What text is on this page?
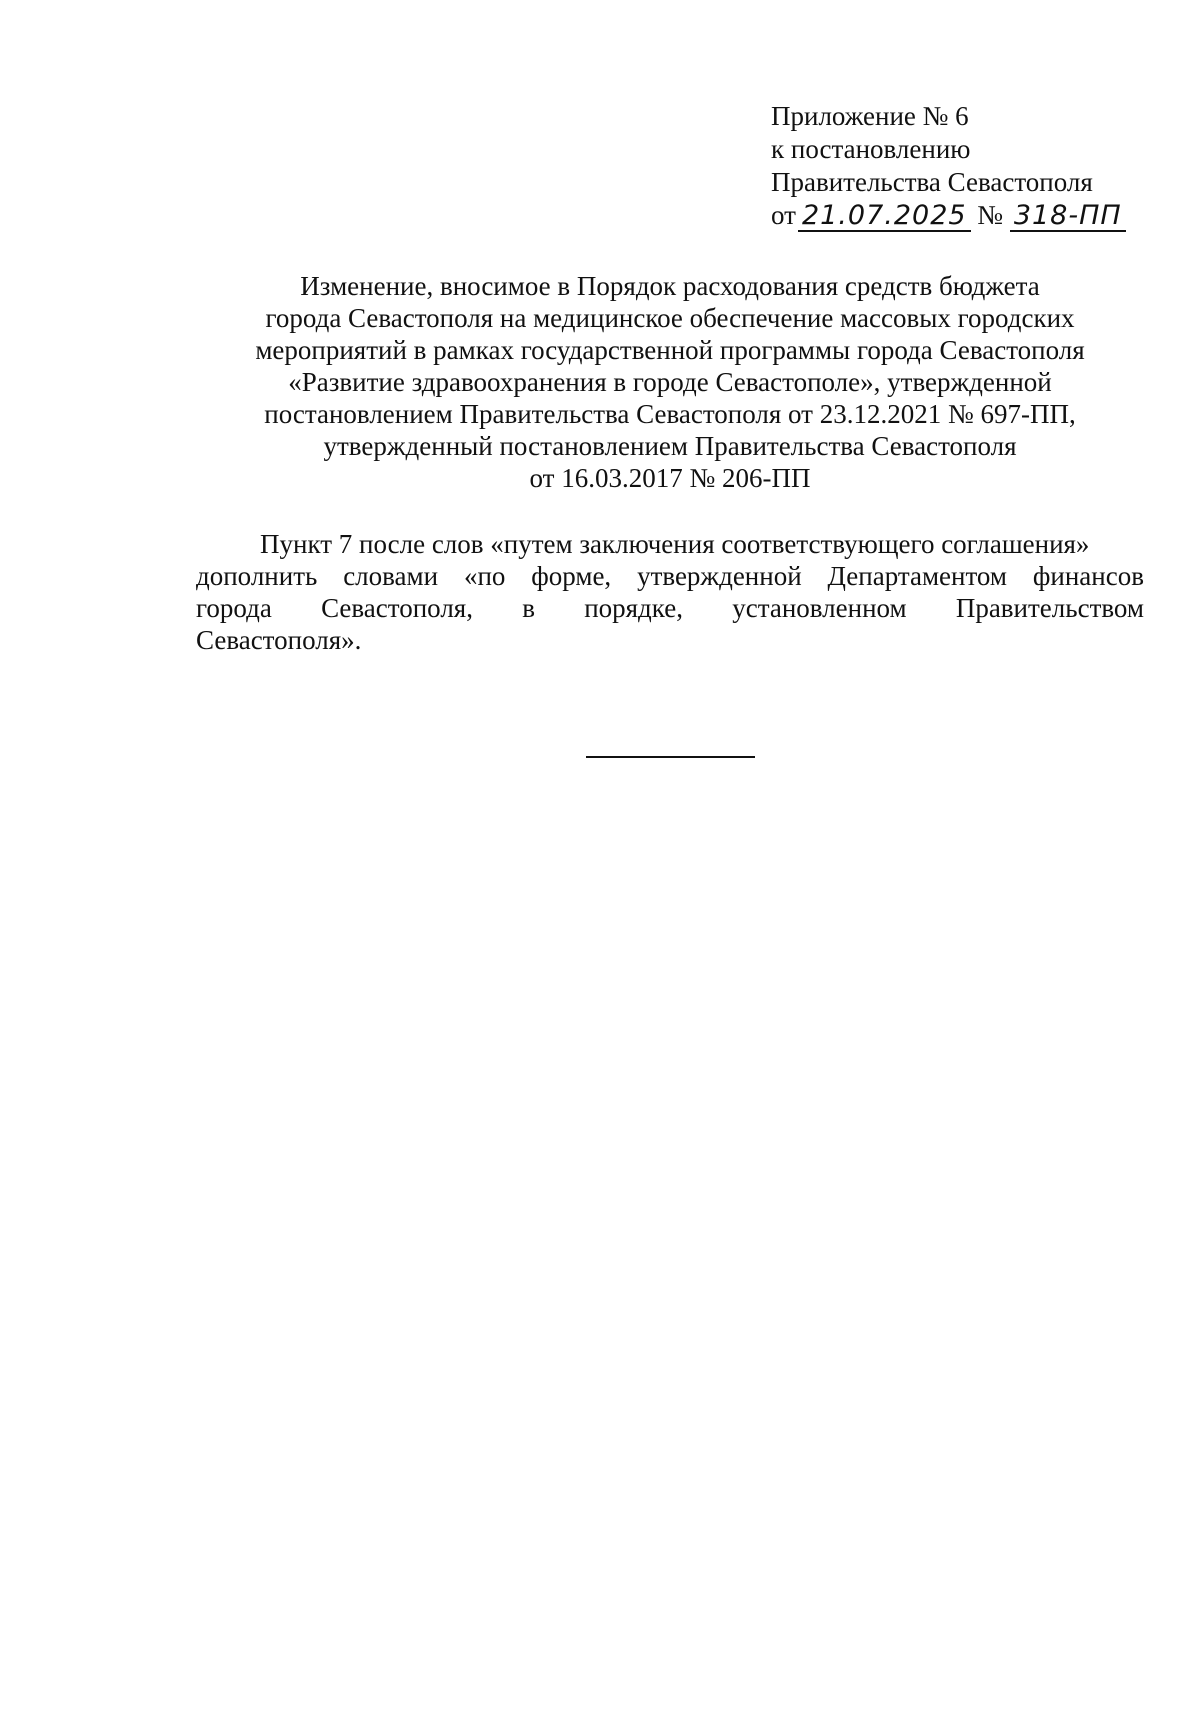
Приложение № 6
к постановлению
Правительства Севастополя
от 21.07.2025 № 318-ПП
Изменение, вносимое в Порядок расходования средств бюджета
города Севастополя на медицинское обеспечение массовых городских
мероприятий в рамках государственной программы города Севастополя
«Развитие здравоохранения в городе Севастополе», утвержденной
постановлением Правительства Севастополя от 23.12.2021 № 697-ПП,
утвержденный постановлением Правительства Севастополя
от 16.03.2017 № 206-ПП
Пункт 7 после слов «путем заключения соответствующего соглашения»
дополнить словами «по форме, утвержденной Департаментом финансов
города Севастополя, в порядке, установленном Правительством
Севастополя».
